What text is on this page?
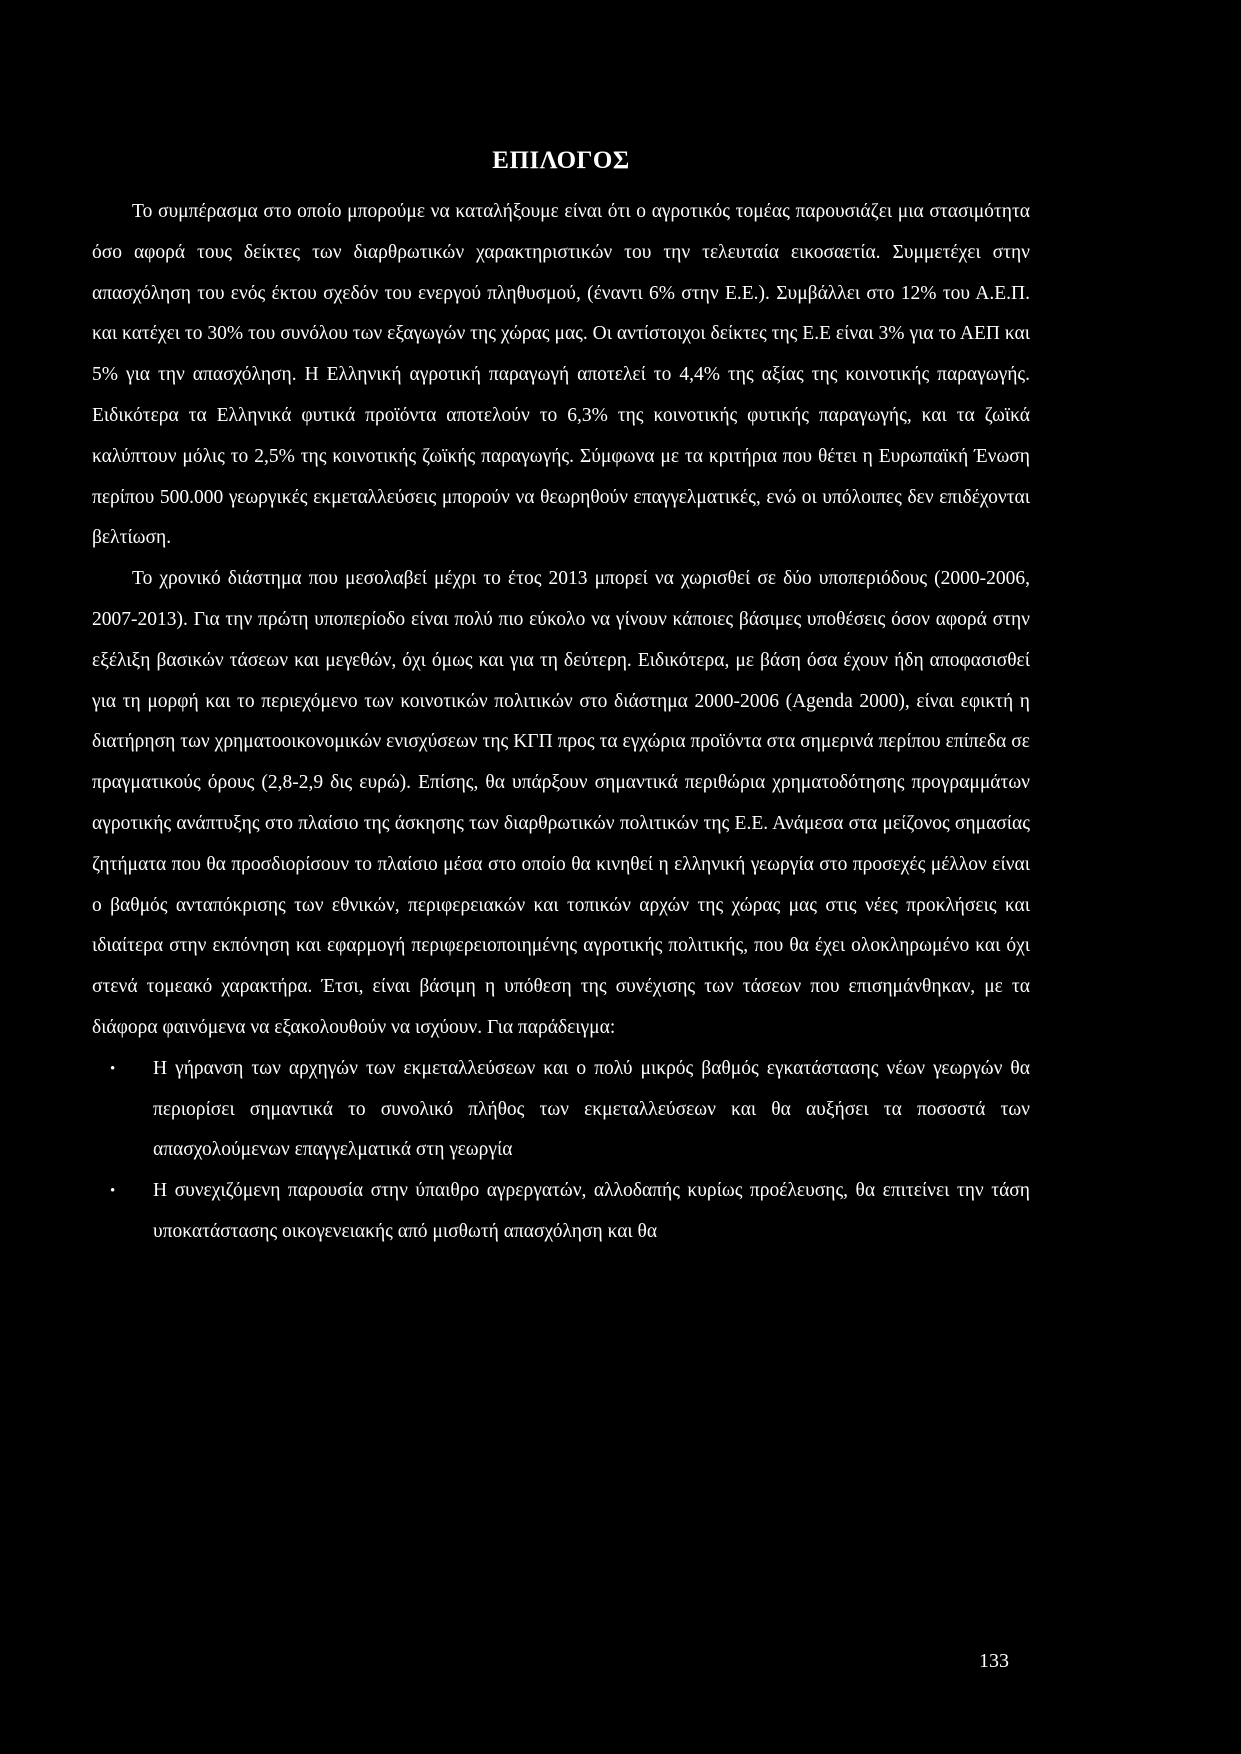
ΕΠΙΛΟΓΟΣ

Το συμπέρασμα στο οποίο μπορούμε να καταλήξουμε είναι ότι ο αγροτικός τομέας παρουσιάζει μια στασιμότητα όσο αφορά τους δείκτες των διαρθρωτικών χαρακτηριστικών του την τελευταία εικοσαετία. Συμμετέχει στην απασχόληση του ενός έκτου σχεδόν του ενεργού πληθυσμού, (έναντι 6% στην Ε.Ε.). Συμβάλλει στο 12% του Α.Ε.Π. και κατέχει το 30% του συνόλου των εξαγωγών της χώρας μας. Οι αντίστοιχοι δείκτες της Ε.Ε είναι 3% για το ΑΕΠ και 5% για την απασχόληση. Η Ελληνική αγροτική παραγωγή αποτελεί το 4,4% της αξίας της κοινοτικής παραγωγής. Ειδικότερα τα Ελληνικά φυτικά προϊόντα αποτελούν το 6,3% της κοινοτικής φυτικής παραγωγής, και τα ζωϊκά καλύπτουν μόλις το 2,5% της κοινοτικής ζωϊκής παραγωγής. Σύμφωνα με τα κριτήρια που θέτει η Ευρωπαϊκή Ένωση περίπου 500.000 γεωργικές εκμεταλλεύσεις μπορούν να θεωρηθούν επαγγελματικές, ενώ οι υπόλοιπες δεν επιδέχονται βελτίωση.

Το χρονικό διάστημα που μεσολαβεί μέχρι το έτος 2013 μπορεί να χωρισθεί σε δύο υποπεριόδους (2000-2006, 2007-2013). Για την πρώτη υποπερίοδο είναι πολύ πιο εύκολο να γίνουν κάποιες βάσιμες υποθέσεις όσον αφορά στην εξέλιξη βασικών τάσεων και μεγεθών, όχι όμως και για τη δεύτερη. Ειδικότερα, με βάση όσα έχουν ήδη αποφασισθεί για τη μορφή και το περιεχόμενο των κοινοτικών πολιτικών στο διάστημα 2000-2006 (Agenda 2000), είναι εφικτή η διατήρηση των χρηματοοικονομικών ενισχύσεων της ΚΓΠ προς τα εγχώρια προϊόντα στα σημερινά περίπου επίπεδα σε πραγματικούς όρους (2,8-2,9 δις ευρώ). Επίσης, θα υπάρξουν σημαντικά περιθώρια χρηματοδότησης προγραμμάτων αγροτικής ανάπτυξης στο πλαίσιο της άσκησης των διαρθρωτικών πολιτικών της Ε.Ε. Ανάμεσα στα μείζονος σημασίας ζητήματα που θα προσδιορίσουν το πλαίσιο μέσα στο οποίο θα κινηθεί η ελληνική γεωργία στο προσεχές μέλλον είναι ο βαθμός ανταπόκρισης των εθνικών, περιφερειακών και τοπικών αρχών της χώρας μας στις νέες προκλήσεις και ιδιαίτερα στην εκπόνηση και εφαρμογή περιφερειοποιημένης αγροτικής πολιτικής, που θα έχει ολοκληρωμένο και όχι στενά τομεακό χαρακτήρα. Έτσι, είναι βάσιμη η υπόθεση της συνέχισης των τάσεων που επισημάνθηκαν, με τα διάφορα φαινόμενα να εξακολουθούν να ισχύουν. Για παράδειγμα:

• Η γήρανση των αρχηγών των εκμεταλλεύσεων και ο πολύ μικρός βαθμός εγκατάστασης νέων γεωργών θα περιορίσει σημαντικά το συνολικό πλήθος των εκμεταλλεύσεων και θα αυξήσει τα ποσοστά των απασχολούμενων επαγγελματικά στη γεωργία
• Η συνεχιζόμενη παρουσία στην ύπαιθρο αγρεργατών, αλλοδαπής κυρίως προέλευσης, θα επιτείνει την τάση υποκατάστασης οικογενειακής από μισθωτή απασχόληση και θα
133
